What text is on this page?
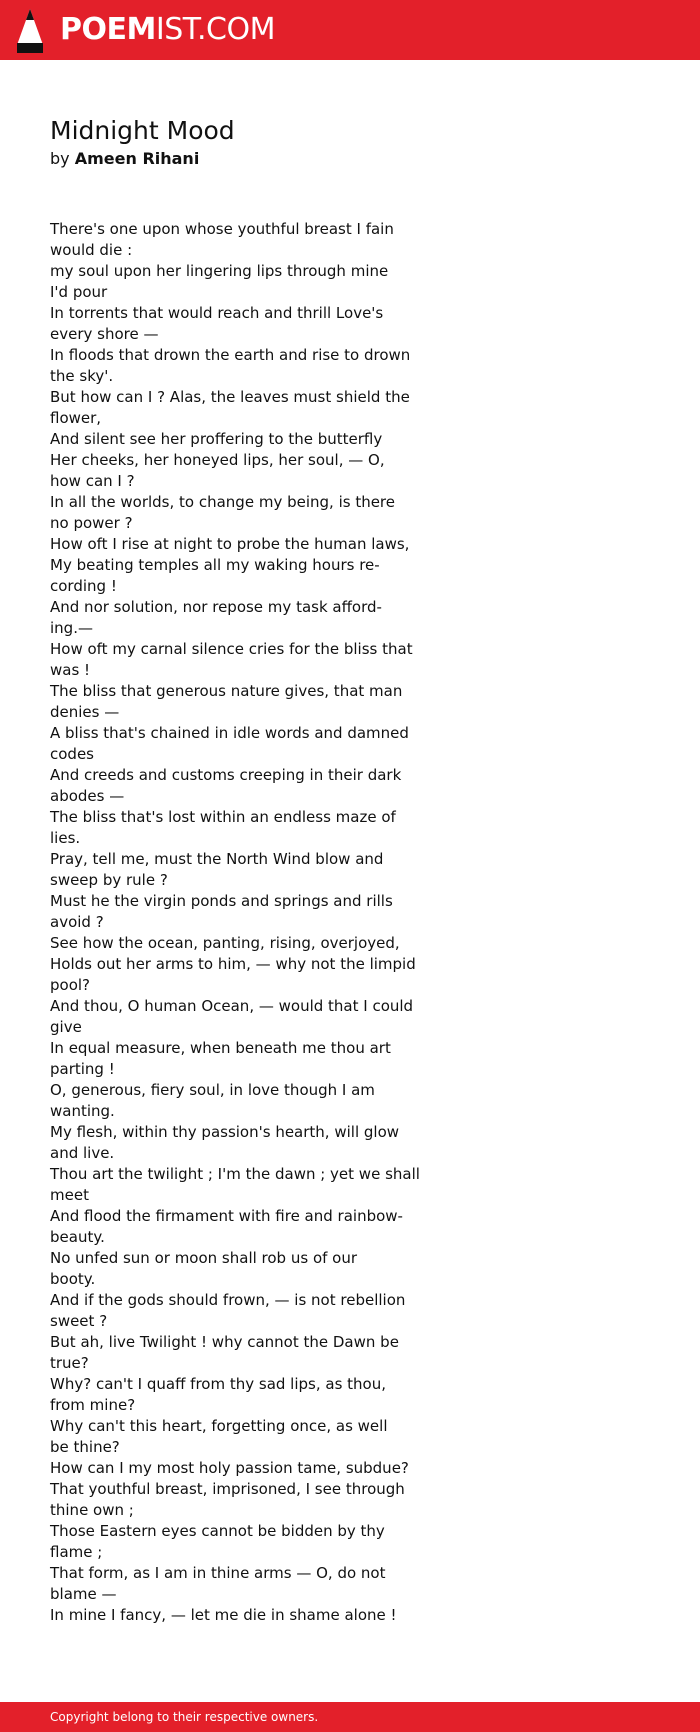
POEMIST.COM
Midnight Mood
by Ameen Rihani
There's one upon whose youthful breast I fain
would die :
my soul upon her lingering lips through mine
I'd pour
In torrents that would reach and thrill Love's
every shore —
In floods that drown the earth and rise to drown
the sky'.
But how can I ? Alas, the leaves must shield the
flower,
And silent see her proffering to the butterfly
Her cheeks, her honeyed lips, her soul, — O,
how can I ?
In all the worlds, to change my being, is there
no power ?
How oft I rise at night to probe the human laws,
My beating temples all my waking hours re-
cording !
And nor solution, nor repose my task afford-
ing.—
How oft my carnal silence cries for the bliss that
was !
The bliss that generous nature gives, that man
denies —
A bliss that's chained in idle words and damned
codes
And creeds and customs creeping in their dark
abodes —
The bliss that's lost within an endless maze of
lies.
Pray, tell me, must the North Wind blow and
sweep by rule ?
Must he the virgin ponds and springs and rills
avoid ?
See how the ocean, panting, rising, overjoyed,
Holds out her arms to him, — why not the limpid
pool?
And thou, O human Ocean, — would that I could
give
In equal measure, when beneath me thou art
parting !
O, generous, fiery soul, in love though I am
wanting.
My flesh, within thy passion's hearth, will glow
and live.
Thou art the twilight ; I'm the dawn ; yet we shall
meet
And flood the firmament with fire and rainbow-
beauty.
No unfed sun or moon shall rob us of our
booty.
And if the gods should frown, — is not rebellion
sweet ?
But ah, live Twilight ! why cannot the Dawn be
true?
Why? can't I quaff from thy sad lips, as thou,
from mine?
Why can't this heart, forgetting once, as well
be thine?
How can I my most holy passion tame, subdue?
That youthful breast, imprisoned, I see through
thine own ;
Those Eastern eyes cannot be bidden by thy
flame ;
That form, as I am in thine arms — O, do not
blame —
In mine I fancy, — let me die in shame alone !
Copyright belong to their respective owners.
